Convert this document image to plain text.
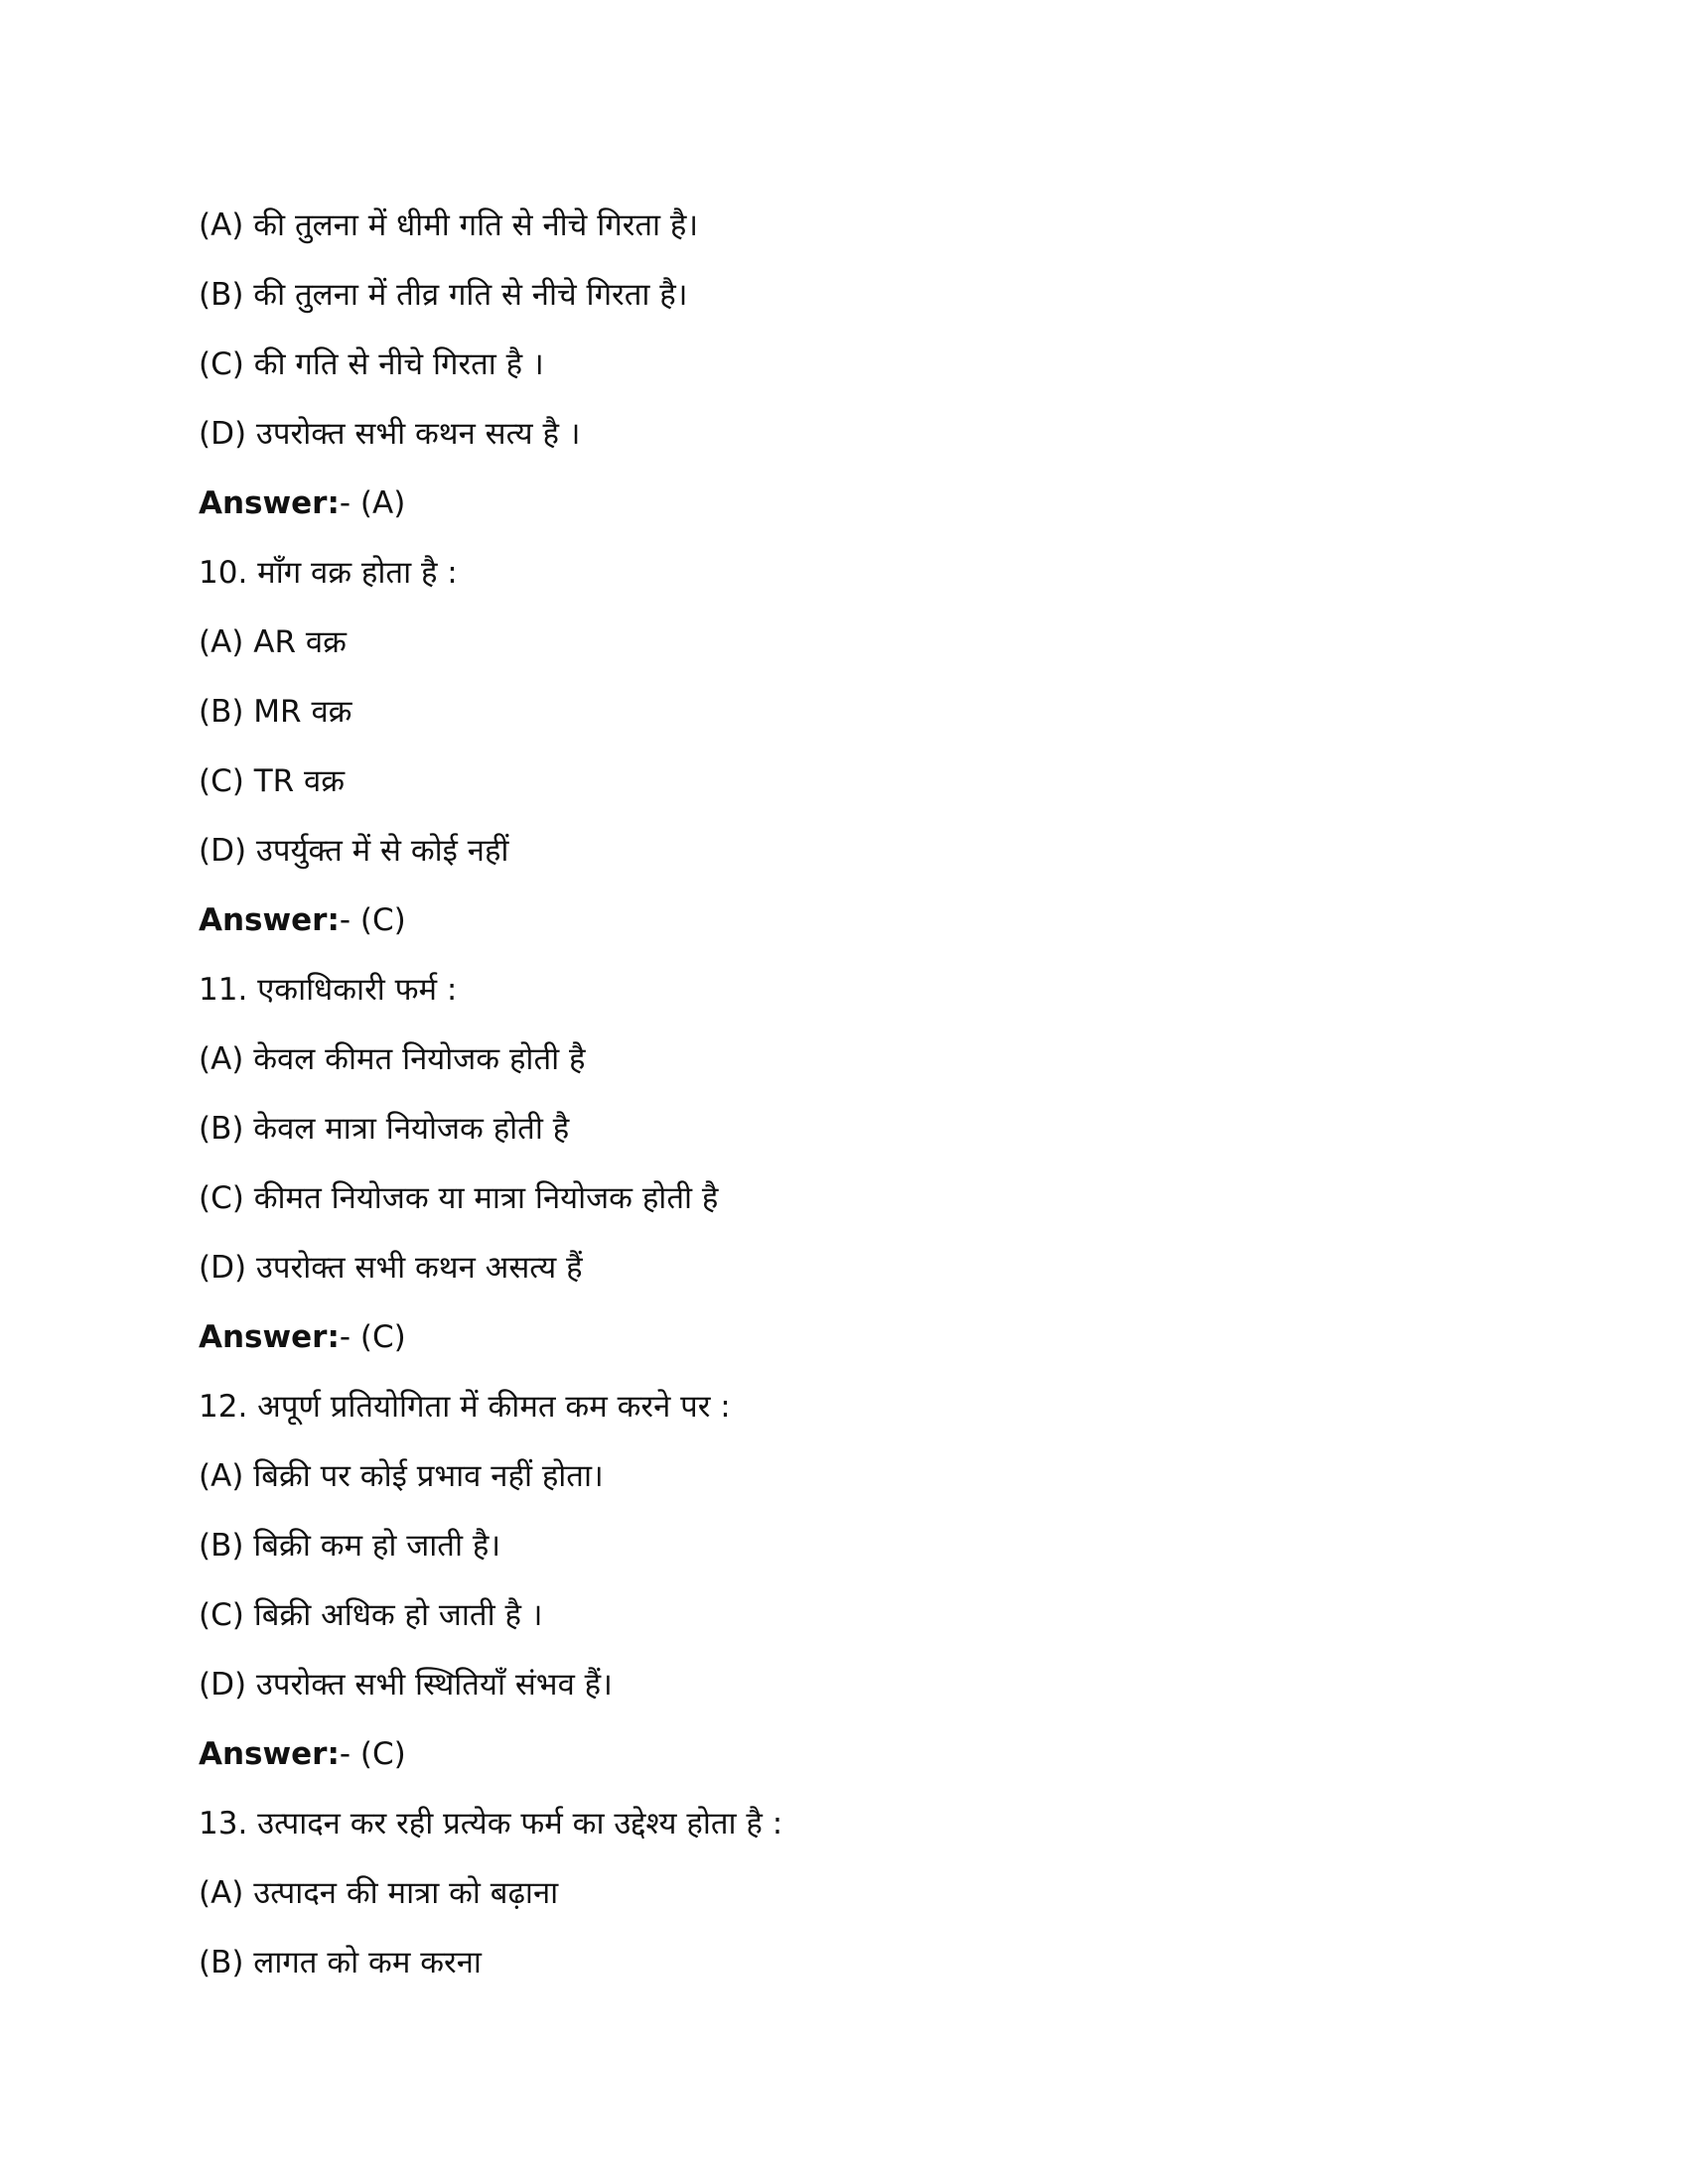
(A) की तुलना में धीमी गति से नीचे गिरता है।
(B) की तुलना में तीव्र गति से नीचे गिरता है।
(C) की गति से नीचे गिरता है ।
(D) उपरोक्त सभी कथन सत्य है ।
Answer:- (A)
10. माँग वक्र होता है :
(A) AR वक्र
(B) MR वक्र
(C) TR वक्र
(D) उपर्युक्त में से कोई नहीं
Answer:- (C)
11. एकाधिकारी फर्म :
(A) केवल कीमत नियोजक होती है
(B) केवल मात्रा नियोजक होती है
(C) कीमत नियोजक या मात्रा नियोजक होती है
(D) उपरोक्त सभी कथन असत्य हैं
Answer:- (C)
12. अपूर्ण प्रतियोगिता में कीमत कम करने पर :
(A) बिक्री पर कोई प्रभाव नहीं होता।
(B) बिक्री कम हो जाती है।
(C) बिक्री अधिक हो जाती है ।
(D) उपरोक्त सभी स्थितियाँ संभव हैं।
Answer:- (C)
13. उत्पादन कर रही प्रत्येक फर्म का उद्देश्य होता है :
(A) उत्पादन की मात्रा को बढ़ाना
(B) लागत को कम करना
